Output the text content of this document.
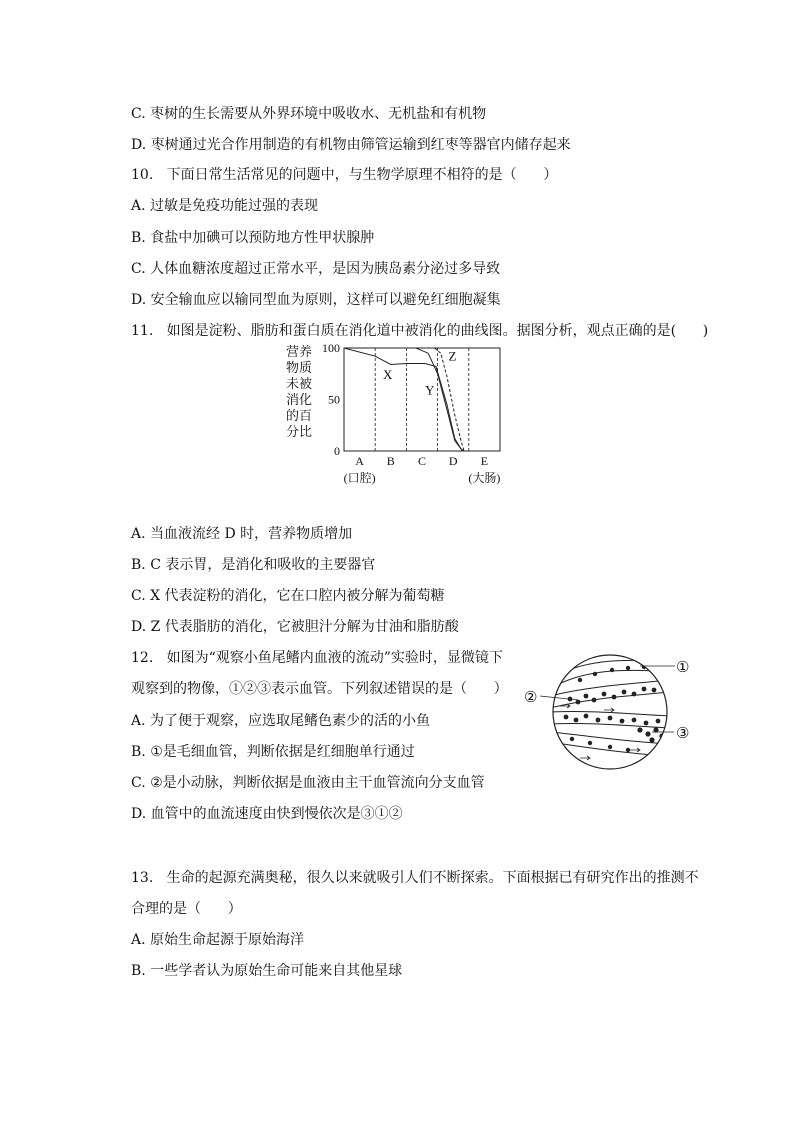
C. 枣树的生长需要从外界环境中吸收水、无机盐和有机物
D. 枣树通过光合作用制造的有机物由筛管运输到红枣等器官内储存起来
10.   下面日常生活常见的问题中，与生物学原理不相符的是（      ）
A. 过敏是免疫功能过强的表现
B. 食盐中加碘可以预防地方性甲状腺肿
C. 人体血糖浓度超过正常水平，是因为胰岛素分泌过多导致
D. 安全输血应以输同型血为原则，这样可以避免红细胞凝集
11.   如图是淀粉、脂肪和蛋白质在消化道中被消化的曲线图。据图分析，观点正确的是(      )
营养
物质
未被
消化
的百
分比
100
50
0
X
Y
Z
A
(口腔)
B C D E
(大肠)
A. 当血液流经 D 时，营养物质增加
B. C 表示胃，是消化和吸收的主要器官
C. X 代表淀粉的消化，它在口腔内被分解为葡萄糖
D. Z 代表脂肪的消化，它被胆汁分解为甘油和脂肪酸
12.   如图为“观察小鱼尾鳍内血液的流动”实验时，显微镜下
观察到的物像，①②③表示血管。下列叙述错误的是（      ）
A. 为了便于观察，应选取尾鳍色素少的活的小鱼
B. ①是毛细血管，判断依据是红细胞单行通过
C. ②是小动脉，判断依据是血液由主干血管流向分支血管
D. 血管中的血流速度由快到慢依次是③①②
①
②
③
13.   生命的起源充满奥秘，很久以来就吸引人们不断探索。下面根据已有研究作出的推测不
合理的是（      ）
A. 原始生命起源于原始海洋
B. 一些学者认为原始生命可能来自其他星球
